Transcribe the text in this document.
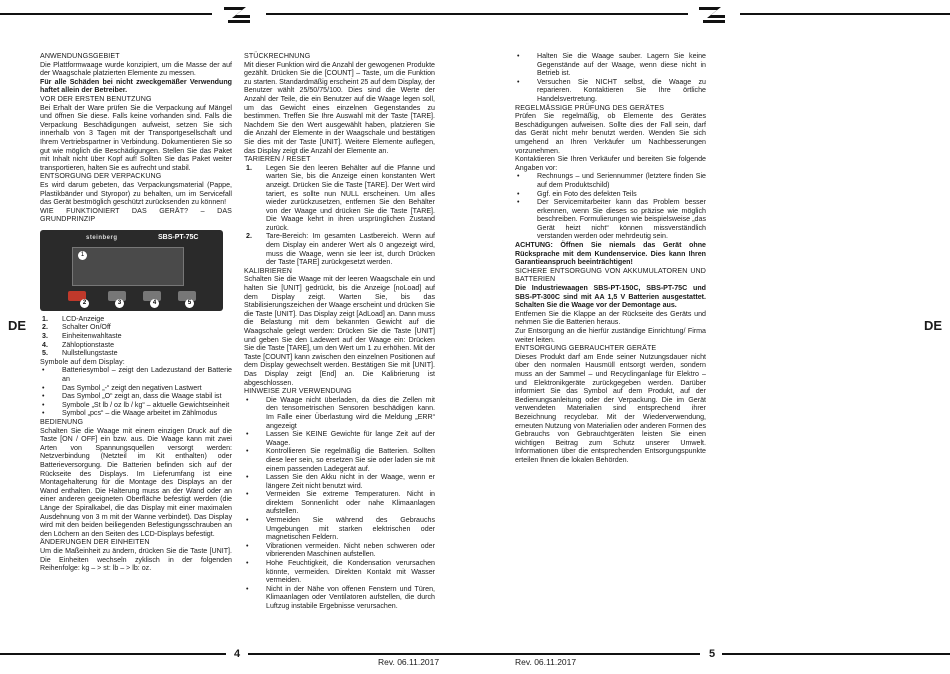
DE	DE

ANWENDUNGSGEBIET

Die Plattformwaage wurde konzipiert, um die Masse der auf der Waagschale platzierten Elemente zu messen.

Für alle Schäden bei nicht zweckgemäßer Verwendung haftet allein der Betreiber.

VOR DER ERSTEN BENUTZUNG

Bei Erhalt der Ware prüfen Sie die Verpackung auf Mängel und öffnen Sie diese. Falls keine vorhanden sind. Falls die Verpackung Beschädigungen aufweist, setzen Sie sich innerhalb von 3 Tagen mit der Transportgesellschaft und Ihrem Vertriebspartner in Verbindung. Dokumentieren Sie so gut wie möglich die Beschädigungen. Stellen Sie das Paket mit Inhalt nicht über Kopf auf! Sollten Sie das Paket weiter transportieren, halten Sie es aufrecht und stabil.

ENTSORGUNG DER VERPACKUNG

Es wird darum gebeten, das Verpackungsmaterial (Pappe, Plastikbänder und Styropor) zu behalten, um im Servicefall das Gerät bestmöglich geschützt zurücksenden zu können!

WIE FUNKTIONIERT DAS GERÄT? – DAS GRUNDPRINZIP

steinberg	SBS-PT-75C
1
2	3	4	5
1. LCD-Anzeige
2. Schalter On/Off
3. Einheitenwahltaste
4. Zähloptionstaste
5. Nullstellungstaste

Symbole auf dem Display:

• Batteriesymbol – zeigt den Ladezustand der Batterie an
• Das Symbol „-“ zeigt den negativen Lastwert
• Das Symbol „O“ zeigt an, dass die Waage stabil ist
• Symbole „St lb / oz lb / kg“ – aktuelle Gewichtseinheit
• Symbol „pcs“ – die Waage arbeitet im Zählmodus

BEDIENUNG

Schalten Sie die Waage mit einem einzigen Druck auf die Taste [ON / OFF] ein bzw. aus. Die Waage kann mit zwei Arten von Spannungsquellen versorgt werden: Netzverbindung (Netzteil im Kit enthalten) oder Batterieversorgung. Die Batterien befinden sich auf der Rückseite des Displays. Im Lieferumfang ist eine Montagehalterung für die Montage des Displays an der Wand enthalten. Die Halterung muss an der Wand oder an einer anderen geeigneten Oberfläche befestigt werden (die Länge der Spiralkabel, die das Display mit einer maximalen Ausdehnung von 3 m mit der Wanne verbindet). Das Display wird mit den beiden beiliegenden Befestigungsschrauben an den Löchern an den Seiten des LCD-Displays befestigt.

ÄNDERUNGEN DER EINHEITEN

Um die Maßeinheit zu ändern, drücken Sie die Taste [UNIT]. Die Einheiten wechseln zyklisch in der folgenden Reihenfolge: kg – > st: lb – > lb: oz.

STÜCKRECHNUNG

Mit dieser Funktion wird die Anzahl der gewogenen Produkte gezählt. Drücken Sie die [COUNT] – Taste, um die Funktion zu starten. Standardmäßig erscheint 25 auf dem Display, der Benutzer wählt 25/50/75/100. Dies sind die Werte der Anzahl der Teile, die ein Benutzer auf die Waage legen soll, um das Gewicht eines einzelnen Gegenstandes zu bestimmen. Treffen Sie Ihre Auswahl mit der Taste [TARE]. Nachdem Sie den Wert ausgewählt haben, platzieren Sie die Anzahl der Elemente in der Waagschale und bestätigen Sie dies mit der Taste [UNIT]. Weitere Elemente auflegen, das Display zeigt die Anzahl der Elemente an.

TARIEREN / RESET

1. Legen Sie den leeren Behälter auf die Pfanne und warten Sie, bis die Anzeige einen konstanten Wert anzeigt. Drücken Sie die Taste [TARE]. Der Wert wird tariert, es sollte nun NULL erscheinen. Um alles wieder zurückzusetzen, entfernen Sie den Behälter von der Waage und drücken Sie die Taste [TARE]. Die Waage kehrt in ihren ursprünglichen Zustand zurück.
2. Tare-Bereich: Im gesamten Lastbereich. Wenn auf dem Display ein anderer Wert als 0 angezeigt wird, muss die Waage, wenn sie leer ist, durch Drücken der Taste [TARE] zurückgesetzt werden.

KALIBRIEREN

Schalten Sie die Waage mit der leeren Waagschale ein und halten Sie [UNIT] gedrückt, bis die Anzeige [noLoad] auf dem Display zeigt. Warten Sie, bis das Stabilisierungszeichen der Waage erscheint und drücken Sie die Taste [UNIT]. Das Display zeigt [AdLoad] an. Dann muss die Belastung mit dem bekannten Gewicht auf die Waagschale gelegt werden: Drücken Sie die Taste [UNIT] und geben Sie den Ladewert auf der Waage ein: Drücken Sie die Taste [TARE], um den Wert um 1 zu erhöhen. Mit der Taste [COUNT] kann zwischen den einzelnen Positionen auf dem Display gewechselt werden. Bestätigen Sie mit [UNIT]. Das Display zeigt [End] an. Die Kalibrierung ist abgeschlossen.

HINWEISE ZUR VERWENDUNG

• Die Waage nicht überladen, da dies die Zellen mit den tensometrischen Sensoren beschädigen kann. Im Falle einer Überlastung wird die Meldung „ERR“ angezeigt
• Lassen Sie KEINE Gewichte für lange Zeit auf der Waage.
• Kontrollieren Sie regelmäßig die Batterien. Sollten diese leer sein, so ersetzen Sie sie oder laden sie mit einem passenden Ladegerät auf.
• Lassen Sie den Akku nicht in der Waage, wenn er längere Zeit nicht benutzt wird.
• Vermeiden Sie extreme Temperaturen. Nicht in direktem Sonnenlicht oder nahe Klimaanlagen aufstellen.
• Vermeiden Sie während des Gebrauchs Umgebungen mit starken elektrischen oder magnetischen Feldern.
• Vibrationen vermeiden. Nicht neben schweren oder vibrierenden Maschinen aufstellen.
• Hohe Feuchtigkeit, die Kondensation verursachen könnte, vermeiden. Direkten Kontakt mit Wasser vermeiden.
• Nicht in der Nähe von offenen Fenstern und Türen, Klimaanlagen oder Ventilatoren aufstellen, die durch Luftzug instabile Ergebnisse verursachen.
• Halten Sie die Waage sauber. Lagern Sie keine Gegenstände auf der Waage, wenn diese nicht in Betrieb ist.
• Versuchen Sie NICHT selbst, die Waage zu reparieren. Kontaktieren Sie Ihre örtliche Handelsvertretung.

REGELMÄSSIGE PRÜFUNG DES GERÄTES

Prüfen Sie regelmäßig, ob Elemente des Gerätes Beschädigungen aufweisen. Sollte dies der Fall sein, darf das Gerät nicht mehr benutzt werden. Wenden Sie sich umgehend an Ihren Verkäufer um Nachbesserungen vorzunehmen.

Kontaktieren Sie Ihren Verkäufer und bereiten Sie folgende Angaben vor:

• Rechnungs – und Seriennummer (letztere finden Sie auf dem Produktschild)
• Ggf. ein Foto des defekten Teils
• Der Servicemitarbeiter kann das Problem besser erkennen, wenn Sie dieses so präzise wie möglich beschreiben. Formulierungen wie beispielsweise „das Gerät heizt nicht“ können missverständlich verstanden werden oder mehrdeutig sein.

ACHTUNG: Öffnen Sie niemals das Gerät ohne Rücksprache mit dem Kundenservice. Dies kann Ihren Garantieanspruch beeinträchtigen!

SICHERE ENTSORGUNG VON AKKUMULATOREN UND BATTERIEN

Die Industriewaagen SBS-PT-150C, SBS-PT-75C und SBS-PT-300C sind mit AA 1,5 V Batterien ausgestattet. Schalten Sie die Waage vor der Demontage aus.

Entfernen Sie die Klappe an der Rückseite des Geräts und nehmen Sie die Batterien heraus.

Zur Entsorgung an die hierfür zuständige Einrichtung/ Firma weiter leiten.

ENTSORGUNG GEBRAUCHTER GERÄTE

Dieses Produkt darf am Ende seiner Nutzungsdauer nicht über den normalen Hausmüll entsorgt werden, sondern muss an der Sammel – und Recyclinganlage für Elektro – und Elektronikgeräte zurückgegeben werden. Darüber informiert Sie das Symbol auf dem Produkt, auf der Bedienungsanleitung oder der Verpackung. Die im Gerät verwendeten Materialien sind entsprechend ihrer Bezeichnung recyclebar. Mit der Wiederverwendung, erneuten Nutzung von Materialien oder anderen Formen des Gebrauchs von Gebrauchtgeräten leisten Sie einen wichtigen Beitrag zum Schutz unserer Umwelt. Informationen über die entsprechenden Entsorgungspunkte erteilen Ihnen die lokalen Behörden.

4	5
Rev. 06.11.2017	Rev. 06.11.2017
